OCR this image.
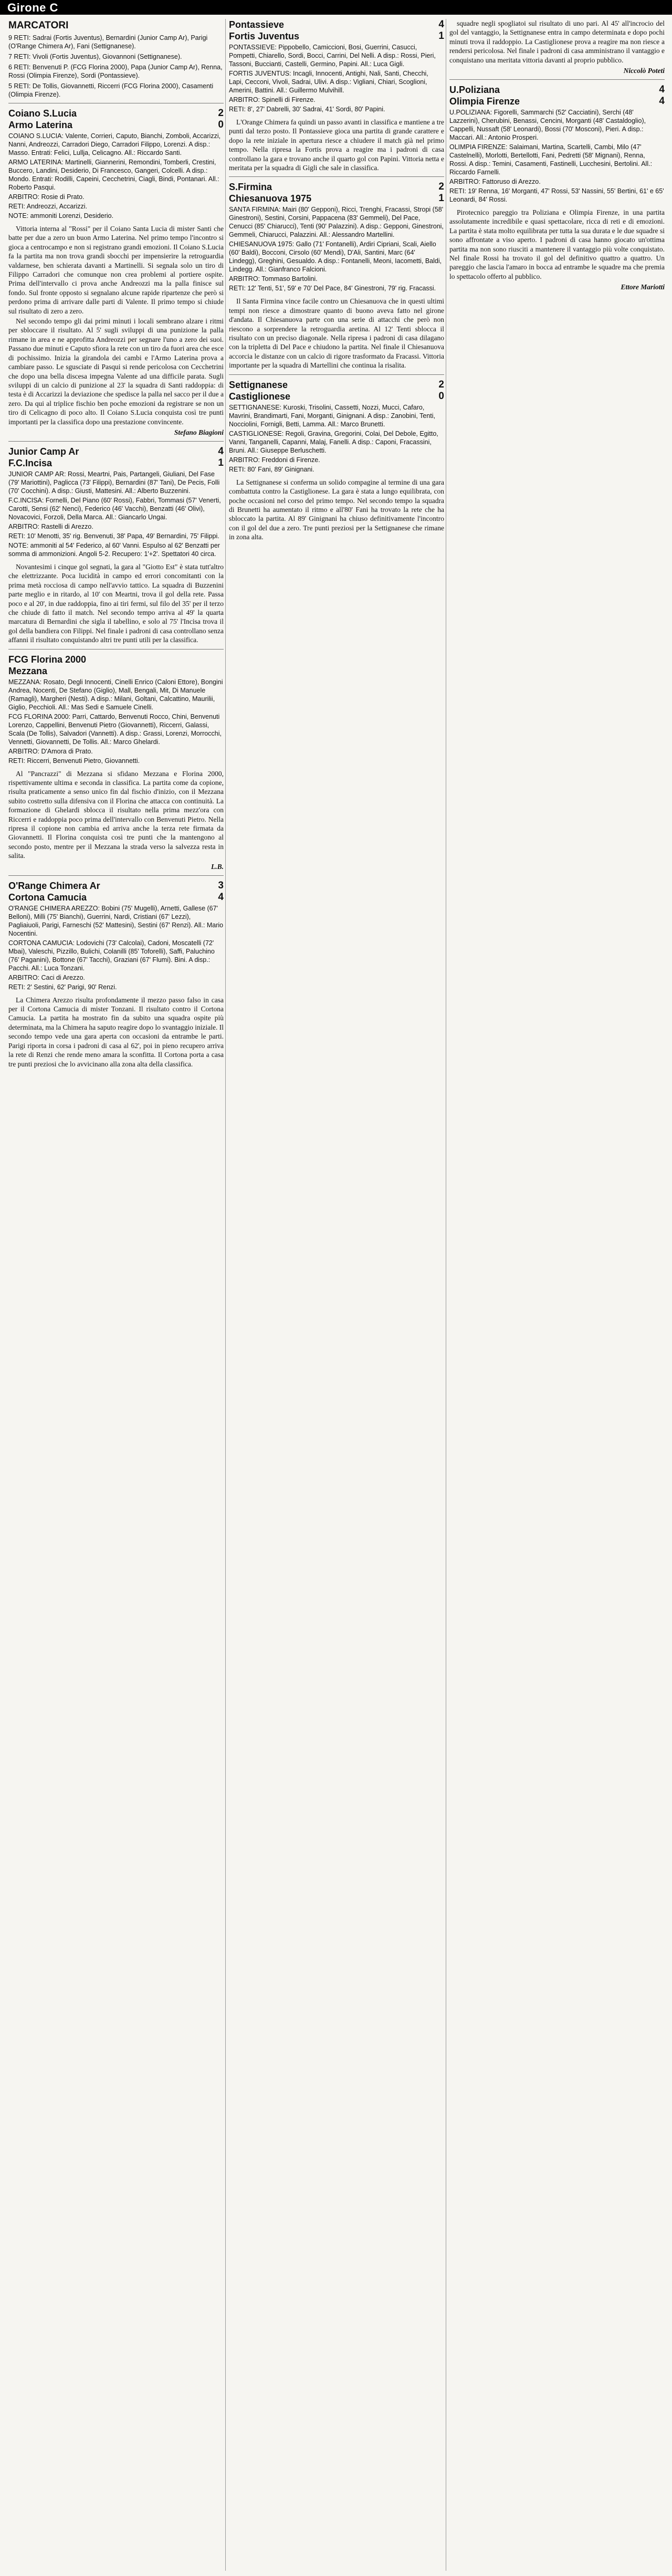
Girone C
MARCATORI
9 RETI: Sadrai (Fortis Juventus), Bernardini (Junior Camp Ar), Parigi (O'Range Chimera Ar), Fani (Settignanese).
7 RETI: Vivoli (Fortis Juventus), Giovannoni (Settignanese).
6 RETI: Benvenuti P. (FCG Florina 2000), Papa (Junior Camp Ar), Renna, Rossi (Olimpia Firenze), Sordi (Pontassieve).
5 RETI: De Tollis, Giovannetti, Riccerri (FCG Florina 2000), Casamenti (Olimpia Firenze).
Coiano S.Lucia	2
Armo Laterina	0
COIANO S.LUCIA: Valente, Corrieri, Caputo, Bianchi, Zomboli, Accarizzi, Nanni, Andreozzi, Carradori Diego, Carradori Filippo, Lorenzi. A disp.: Masso. Entrati: Felici, Lullja, Celicagno. All.: Riccardo Santi.
ARMO LATERINA: Martinelli, Giannerini, Remondini, Tomberli, Crestini, Buccero, Landini, Desiderio, Di Francesco, Gangeri, Colcelli. A disp.: Mondo. Entrati: Rodilli, Capeini, Cecchetrini, Ciagli, Bindi, Pontanari. All.: Roberto Pasqui.
ARBITRO: Rosie di Prato.
RETI: Andreozzi, Accarizzi.
NOTE: ammoniti Lorenzi, Desiderio.

Vittoria interna al "Rossi" per il Coiano Santa Lucia di mister Santi che batte per due a zero un buon Armo Laterina. Nel primo tempo l'incontro si gioca a centrocampo e non si registrano grandi emozioni. Il Coiano S.Lucia fa la partita ma non trova grandi sbocchi per impensierire la retroguardia valdarnese, ben schierata davanti a Martinelli. Si segnala solo un tiro di Filippo Carradori che comunque non crea problemi al portiere ospite. Prima dell'intervallo ci prova anche Andreozzi ma la palla finisce sul fondo. Sul fronte opposto si segnalano alcune rapide ripartenze che però si perdono prima di arrivare dalle parti di Valente. Il primo tempo si chiude sul risultato di zero a zero.

Nel secondo tempo gli dai primi minuti i locali sembrano alzare i ritmi per sbloccare il risultato. Al 5' sugli sviluppi di una punizione la palla rimane in area e ne approfitta Andreozzi per segnare l'uno a zero dei suoi. Passano due minuti e Caputo sfiora la rete con un tiro da fuori area che esce di pochissimo. Inizia la girandola dei cambi e l'Armo Laterina prova a cambiare passo. Le sgusciate di Pasqui si rende pericolosa con Cecchetrini che dopo una bella discesa impegna Valente ad una difficile parata. Sugli sviluppi di un calcio di punizione al 23' la squadra di Santi raddoppia: di testa è di Accarizzi la deviazione che spedisce la palla nel sacco per il due a zero. Da qui al triplice fischio ben poche emozioni da registrare se non un tiro di Celicagno di poco alto. Il Coiano S.Lucia conquista così tre punti importanti per la classifica dopo una prestazione convincente.

Stefano Biagioni
Junior Camp Ar	4
F.C.Incisa	1
JUNIOR CAMP AR: Rossi, Meartni, Pais, Partangeli, Giuliani, Del Fase (79' Mariottini), Paglicca (73' Filippi), Bernardini (87' Tani), De Pecis, Folli (70' Cocchini). A disp.: Giusti, Mattesini. All.: Alberto Buzzenini.
F.C.INCISA: Fornelli, Del Piano (60' Rossi), Fabbri, Tommasi (57' Venerti, Carotti, Sensi (62' Nenci), Federico (46' Vacchi), Benzatti (46' Olivi), Novacovici, Forzoli, Della Marca. All.: Giancarlo Ungai.
ARBITRO: Rastelli di Arezzo.
RETI: 10' Menotti, 35' rig. Benvenuti, 38' Papa, 49' Bernardini, 75' Filippi.
NOTE: ammoniti al 54' Federico, al 60' Vanni. Espulso al 62' Benzatti per somma di ammonizioni. Angoli 5-2. Recupero: 1'+2'. Spettatori 40 circa.

Novantesimi i cinque gol segnati, la gara al "Giotto Est" è stata tutt'altro che elettrizzante. Poca lucidità in campo ed errori concomitanti con la prima metà rocciosa di campo nell'avvio tattico. La squadra di Buzzenini parte meglio e in ritardo, al 10' con Meartni, trova il gol della rete. Passa poco e al 20', in due raddoppia, fino ai tiri fermi, sul filo del 35' per il terzo che chiude di fatto il match. Nel secondo tempo arriva al 49' la quarta marcatura di Bernardini che sigla il tabellino, e solo al 75' l'Incisa trova il gol della bandiera con Filippi. Nel finale i padroni di casa controllano senza affanni il risultato conquistando altri tre punti utili per la classifica.

FCG Florina 2000
Mezzana
MEZZANA: Rosato, Degli Innocenti, Cinelli Enrico (Caloni Ettore), Bongini Andrea, Nocenti, De Stefano (Giglio), Mall, Bengali, Mit, Di Manuele (Ramagli), Margheri (Nesti). A disp.: Milani, Goltani, Calcattino, Maurilii, Giglio, Pecchioli. All.: Mas Sedi e Samuele Cinelli.
FCG FLORINA 2000: Parri, Cattardo, Benvenuti Rocco, Chini, Benvenuti Lorenzo, Cappellini, Benvenuti Pietro (Giovannetti), Riccerri, Galassi, Scala (De Tollis), Salvadori (Vannetti). A disp.: Grassi, Lorenzi, Morrocchi, Vennetti, Giovannetti, De Tollis. All.: Marco Ghelardi.
ARBITRO: D'Amora di Prato.
RETI: Riccerri, Benvenuti Pietro, Giovannetti.

Al "Pancrazzi" di Mezzana si sfidano Mezzana e Florina 2000, rispettivamente ultima e seconda in classifica. La partita come da copione, risulta praticamente a senso unico fin dal fischio d'inizio, con il Mezzana subito costretto sulla difensiva con il Florina che attacca con continuità. La formazione di Ghelardi sblocca il risultato nella prima mezz'ora con Riccerri e raddoppia poco prima dell'intervallo con Benvenuti Pietro. Nella ripresa il copione non cambia ed arriva anche la terza rete firmata da Giovannetti. Il Florina conquista così tre punti che la mantengono al secondo posto, mentre per il Mezzana la strada verso la salvezza resta in salita.

L.B.
O'Range Chimera Ar	3
Cortona Camucia	4
O'RANGE CHIMERA AREZZO: Bobini (75' Mugelli), Arnetti, Gallese (67' Belloni), Milli (75' Bianchi), Guerrini, Nardi, Cristiani (67' Lezzi), Pagliaiuoli, Parigi, Farneschi (52' Mattesini), Sestini (67' Renzi). All.: Mario Nocentini.
CORTONA CAMUCIA: Lodovichi (73' Calcolai), Cadoni, Moscatelli (72' Mbai), Valeschi, Pizzillo, Bulichi, Colanilli (85' Toforelli), Saffi, Paluchino (76' Paganini), Bottone (67' Tacchi), Graziani (67' Flumi). Bini. A disp.: Pacchi. All.: Luca Tonzani.
ARBITRO: Caci di Arezzo.
RETI: 2' Sestini, 62' Parigi, 90' Renzi.

La Chimera Arezzo risulta profondamente il mezzo passo falso in casa per il Cortona Camucia di mister Tonzani. Il risultato contro il Cortona Camucia. La partita ha mostrato fin da subito una squadra ospite più determinata, ma la Chimera ha saputo reagire dopo lo svantaggio iniziale. Il secondo tempo vede una gara aperta con occasioni da entrambe le parti. Parigi riporta in corsa i padroni di casa al 62', poi in pieno recupero arriva la rete di Renzi che rende meno amara la sconfitta. Il Cortona porta a casa tre punti preziosi che lo avvicinano alla zona alta della classifica.

Pontassieve	4
Fortis Juventus	1
PONTASSIEVE: Pippobello, Camiccioni, Bosi, Guerrini, Casucci, Pompetti, Chiarello, Sordi, Bocci, Carrini, Del Nelli. A disp.: Rossi, Pieri, Tassoni, Buccianti, Castelli, Germino, Papini. All.: Luca Gigli.
FORTIS JUVENTUS: Incagli, Innocenti, Antighi, Nali, Santi, Checchi, Lapi, Cecconi, Vivoli, Sadrai, Ulivi. A disp.: Vigliani, Chiari, Scoglioni, Amerini, Battini. All.: Guillermo Mulvihill.
ARBITRO: Spinelli di Firenze.
RETI: 8', 27' Dabrelli, 30' Sadrai, 41' Sordi, 80' Papini.

L'Orange Chimera fa quindi un passo avanti in classifica e mantiene a tre punti dal terzo posto. Il Pontassieve gioca una partita di grande carattere e dopo la rete iniziale in apertura riesce a chiudere il match già nel primo tempo. Nella ripresa la Fortis prova a reagire ma i padroni di casa controllano la gara e trovano anche il quarto gol con Papini. Vittoria netta e meritata per la squadra di Gigli che sale in classifica.

S.Firmina	2
Chiesanuova 1975	1
SANTA FIRMINA: Mairi (80' Gepponi), Ricci, Trenghi, Fracassi, Stropi (58' Ginestroni), Sestini, Corsini, Pappacena (83' Gemmeli), Del Pace, Cenucci (85' Chiarucci), Tenti (90' Palazzini). A disp.: Gepponi, Ginestroni, Gemmeli, Chiarucci, Palazzini. All.: Alessandro Martellini.
CHIESANUOVA 1975: Gallo (71' Fontanelli), Ardiri Cipriani, Scali, Aiello (60' Baldi), Bocconi, Cirsolo (60' Mendi), D'Ali, Santini, Marc (64' Lindegg), Greghini, Gesualdo. A disp.: Fontanelli, Meoni, Iacometti, Baldi, Lindegg. All.: Gianfranco Falcioni.
ARBITRO: Tommaso Bartolini.
RETI: 12' Tenti, 51', 59' e 70' Del Pace, 84' Ginestroni, 79' rig. Fracassi.

Il Santa Firmina vince facile contro un Chiesanuova che in questi ultimi tempi non riesce a dimostrare quanto di buono aveva fatto nel girone d'andata. Il Chiesanuova parte con una serie di attacchi che però non riescono a sorprendere la retroguardia aretina. Al 12' Tenti sblocca il risultato con un preciso diagonale. Nella ripresa i padroni di casa dilagano con la tripletta di Del Pace e chiudono la partita. Nel finale il Chiesanuova accorcia le distanze con un calcio di rigore trasformato da Fracassi. Vittoria importante per la squadra di Martellini che continua la risalita.

Settignanese	2
Castiglionese	0
SETTIGNANESE: Kuroski, Trisolini, Cassetti, Nozzi, Mucci, Cafaro, Mavrini, Brandimarti, Fani, Morganti, Ginignani. A disp.: Zanobini, Tenti, Nocciolini, Fornigli, Betti, Lamma. All.: Marco Brunetti.
CASTIGLIONESE: Regoli, Gravina, Gregorini, Colai, Del Debole, Egitto, Vanni, Tanganelli, Capanni, Malaj, Fanelli. A disp.: Caponi, Fracassini, Bruni. All.: Giuseppe Berluschetti.
ARBITRO: Freddoni di Firenze.
RETI: 80' Fani, 89' Ginignani.

La Settignanese si conferma un solido compagine al termine di una gara combattuta contro la Castiglionese. La gara è stata a lungo equilibrata, con poche occasioni nel corso del primo tempo. Nel secondo tempo la squadra di Brunetti ha aumentato il ritmo e all'80' Fani ha trovato la rete che ha sbloccato la partita. Al 89' Ginignani ha chiuso definitivamente l'incontro con il gol del due a zero. Tre punti preziosi per la Settignanese che rimane in zona alta.

squadre negli spogliatoi sul risultato di uno pari. Al 45' all'incrocio del gol del vantaggio, la Settignanese entra in campo determinata e dopo pochi minuti trova il raddoppio. La Castiglionese prova a reagire ma non riesce a rendersi pericolosa. Nel finale i padroni di casa amministrano il vantaggio e conquistano una meritata vittoria davanti al proprio pubblico.

Niccolò Poteti
U.Poliziana	4
Olimpia Firenze	4
U.POLIZIANA: Figorelli, Sammarchi (52' Cacciatini), Serchi (48' Lazzerini), Cherubini, Benassi, Cencini, Morganti (48' Castaldoglio), Cappelli, Nussaft (58' Leonardi), Bossi (70' Mosconi), Pieri. A disp.: Maccari. All.: Antonio Prosperi.
OLIMPIA FIRENZE: Salaimani, Martina, Scartelli, Cambi, Milo (47' Castelnelli), Morlotti, Bertellotti, Fani, Pedretti (58' Mignani), Renna, Rossi. A disp.: Temini, Casamenti, Fastinelli, Lucchesini, Bertolini. All.: Riccardo Farnelli.
ARBITRO: Fattoruso di Arezzo.
RETI: 19' Renna, 16' Morganti, 47' Rossi, 53' Nassini, 55' Bertini, 61' e 65' Leonardi, 84' Rossi.

Pirotecnico pareggio tra Poliziana e Olimpia Firenze, in una partita assolutamente incredibile e quasi spettacolare, ricca di reti e di emozioni. La partita è stata molto equilibrata per tutta la sua durata e le due squadre si sono affrontate a viso aperto. I padroni di casa hanno giocato un'ottima partita ma non sono riusciti a mantenere il vantaggio più volte conquistato. Nel finale Rossi ha trovato il gol del definitivo quattro a quattro. Un pareggio che lascia l'amaro in bocca ad entrambe le squadre ma che premia lo spettacolo offerto al pubblico.

Ettore Mariotti
